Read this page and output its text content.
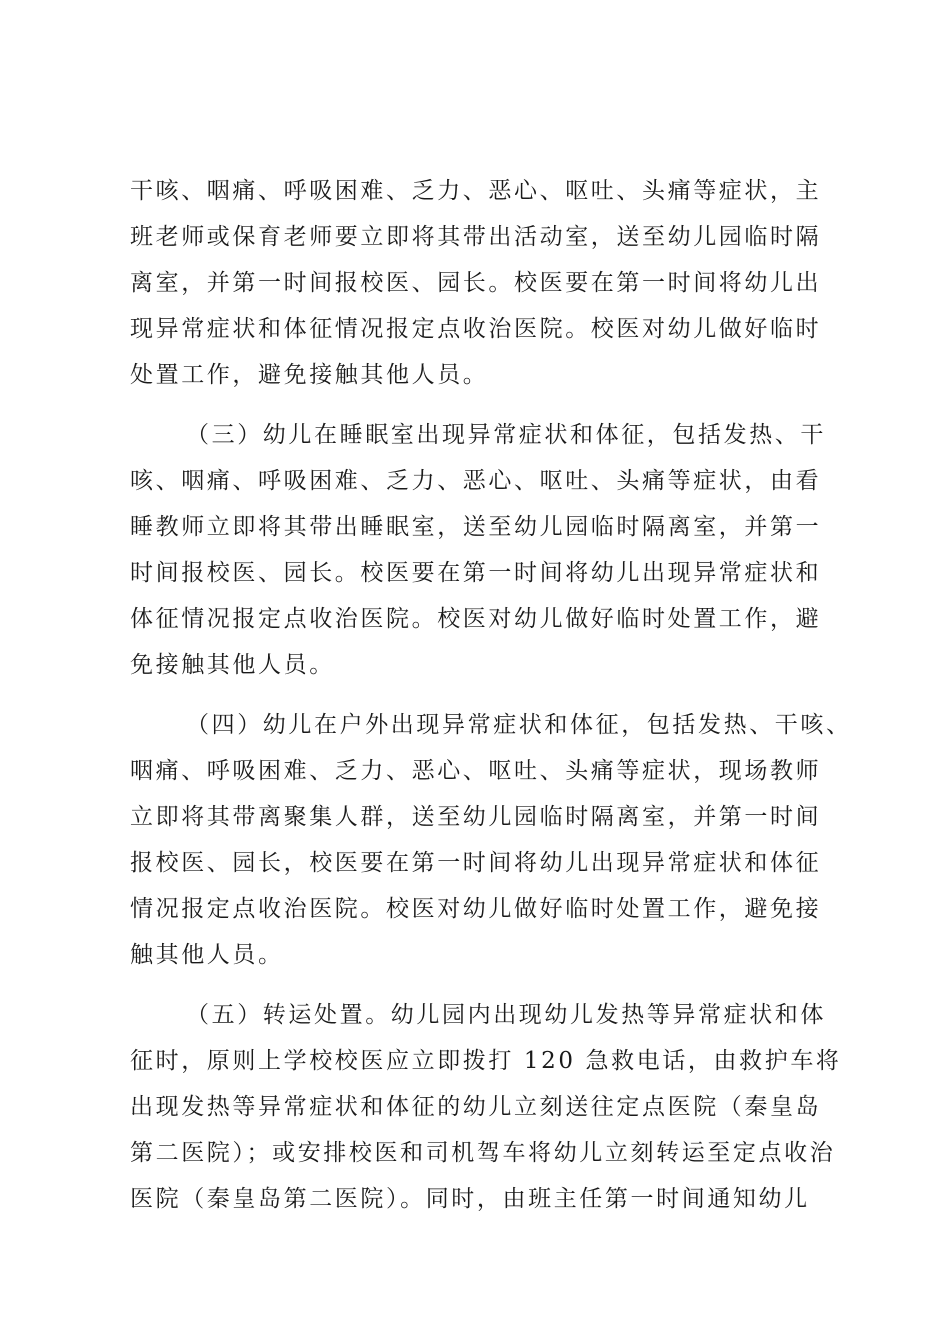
干咳、咽痛、呼吸困难、乏力、恶心、呕吐、头痛等症状，主
班老师或保育老师要立即将其带出活动室，送至幼儿园临时隔
离室，并第一时间报校医、园长。校医要在第一时间将幼儿出
现异常症状和体征情况报定点收治医院。校医对幼儿做好临时
处置工作，避免接触其他人员。
（三）幼儿在睡眠室出现异常症状和体征，包括发热、干
咳、咽痛、呼吸困难、乏力、恶心、呕吐、头痛等症状，由看
睡教师立即将其带出睡眠室，送至幼儿园临时隔离室，并第一
时间报校医、园长。校医要在第一时间将幼儿出现异常症状和
体征情况报定点收治医院。校医对幼儿做好临时处置工作，避
免接触其他人员。
（四）幼儿在户外出现异常症状和体征，包括发热、干咳、
咽痛、呼吸困难、乏力、恶心、呕吐、头痛等症状，现场教师
立即将其带离聚集人群，送至幼儿园临时隔离室，并第一时间
报校医、园长，校医要在第一时间将幼儿出现异常症状和体征
情况报定点收治医院。校医对幼儿做好临时处置工作，避免接
触其他人员。
（五）转运处置。幼儿园内出现幼儿发热等异常症状和体
征时，原则上学校校医应立即拨打 120 急救电话，由救护车将
出现发热等异常症状和体征的幼儿立刻送往定点医院（秦皇岛
第二医院）；或安排校医和司机驾车将幼儿立刻转运至定点收治
医院（秦皇岛第二医院）。同时，由班主任第一时间通知幼儿
